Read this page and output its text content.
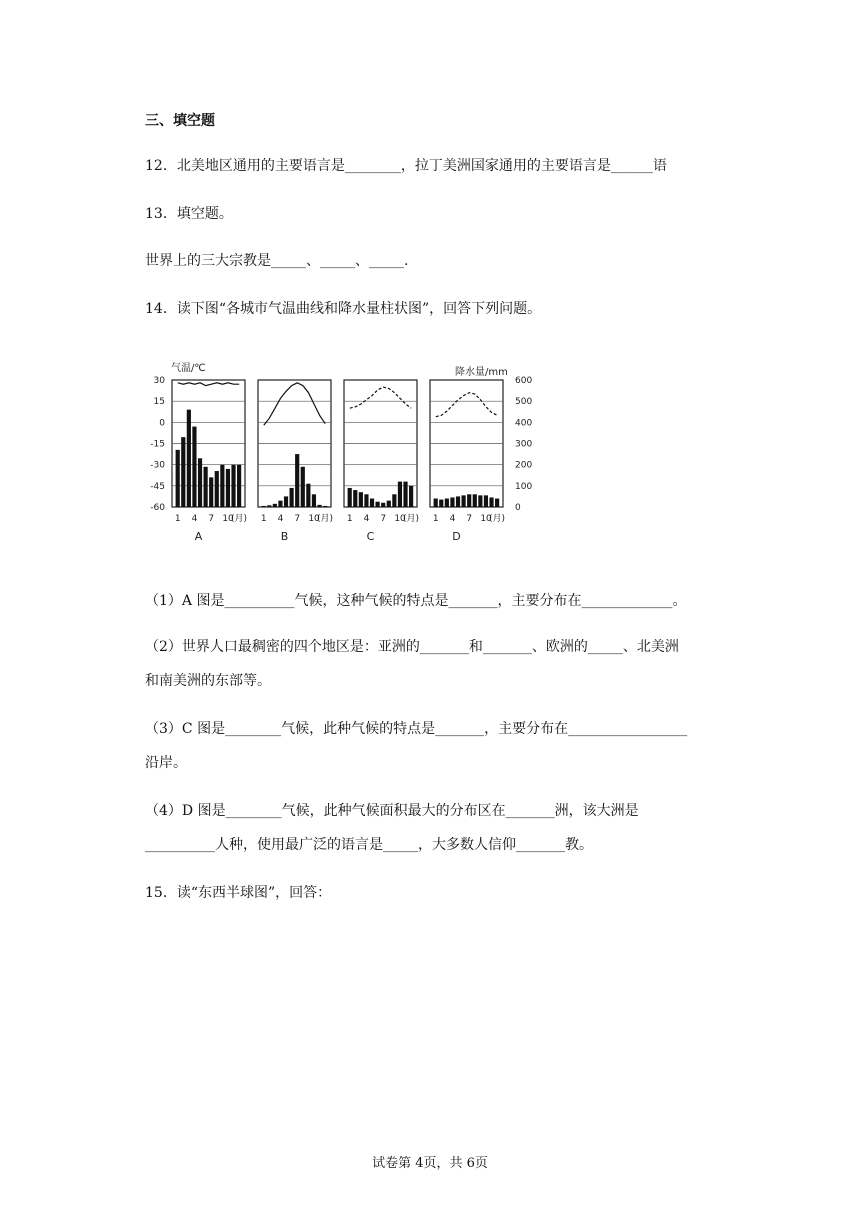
三、填空题
12．北美地区通用的主要语言是________，拉丁美洲国家通用的主要语言是______语
13．填空题。
世界上的三大宗教是_____、_____、_____.
14．读下图“各城市气温曲线和降水量柱状图”，回答下列问题。
气温/℃	降水量/mm
30
15
0
-15
-30
-45
-60
600
500
400
300
200
100
0
1 4 7 10
(月)
A
1 4 7 10
(月)
B
1 4 7 10
(月)
C
1 4 7 10
(月)
D
（1）A 图是__________气候，这种气候的特点是_______，主要分布在_____________。
（2）世界人口最稠密的四个地区是：亚洲的_______和_______、欧洲的_____、北美洲
和南美洲的东部等。
（3）C 图是________气候，此种气候的特点是_______，主要分布在_________________
沿岸。
（4）D 图是________气候，此种气候面积最大的分布区在_______洲，该大洲是
__________人种，使用最广泛的语言是_____，大多数人信仰_______教。
15．读“东西半球图”，回答：
试卷第 4页，共 6页
